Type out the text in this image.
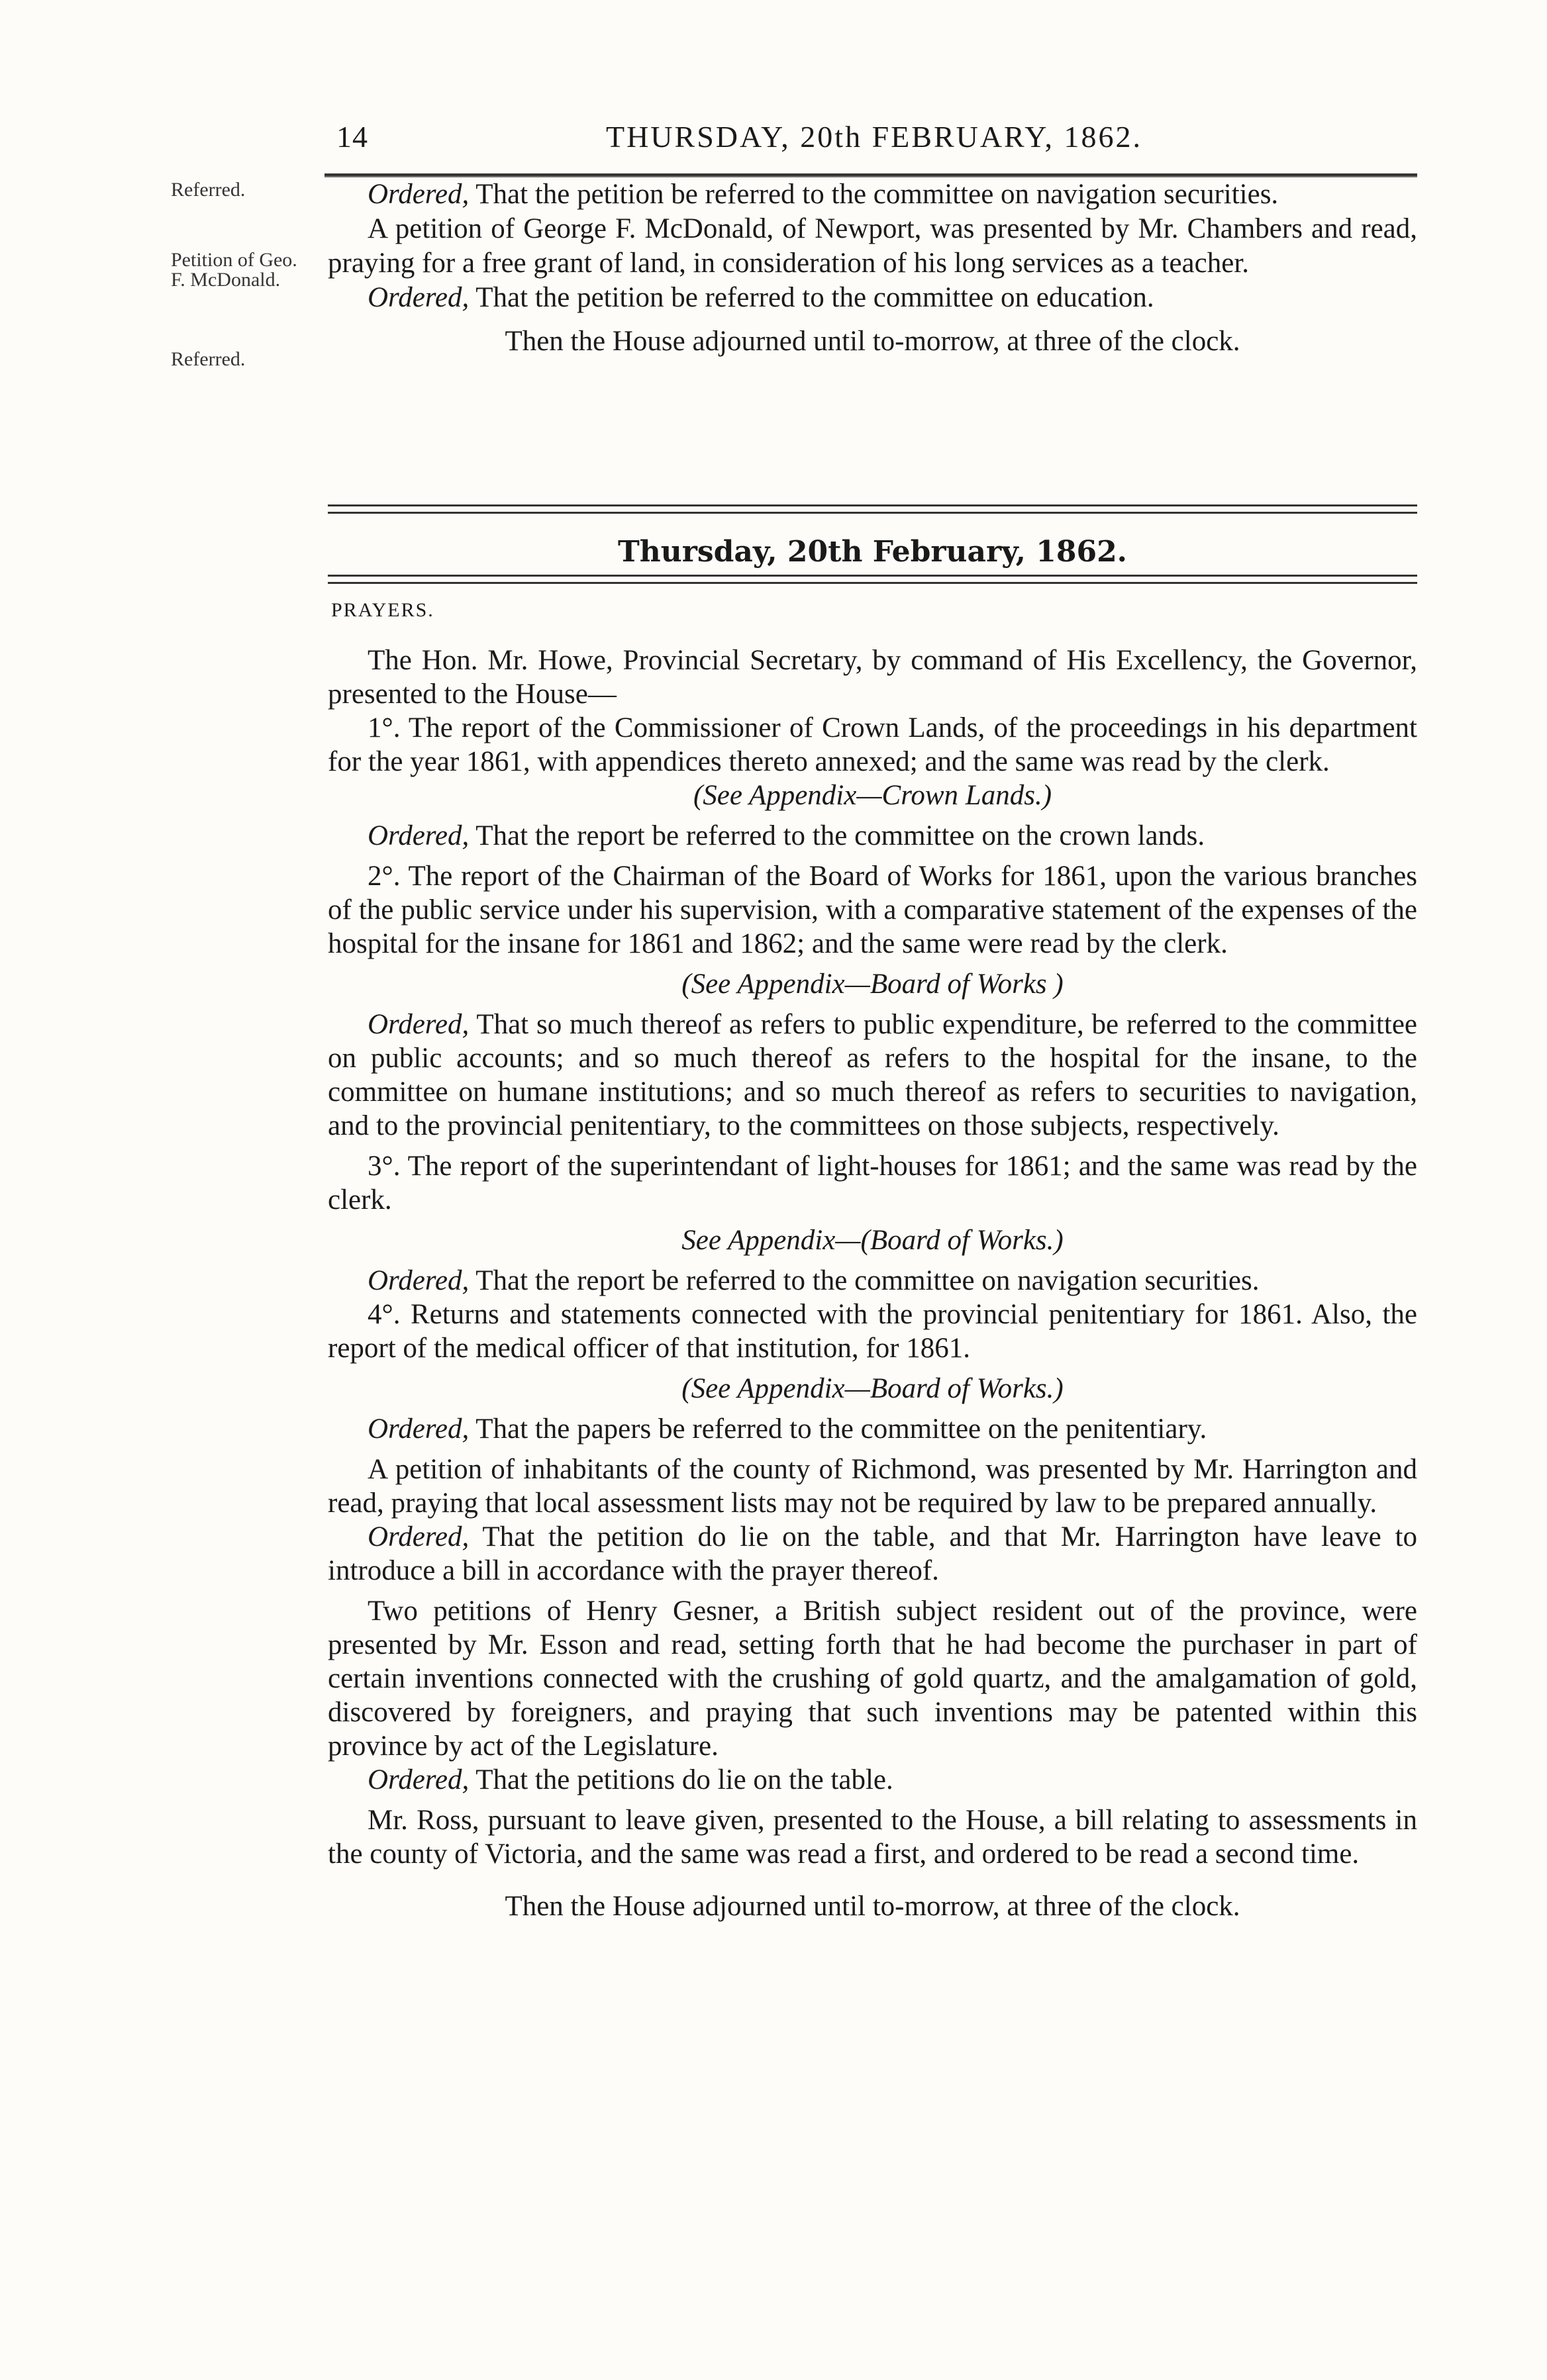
14	THURSDAY, 20th FEBRUARY, 1862.
Referred.
Petition of Geo. F. McDonald.
Referred.

Ordered, That the petition be referred to the committee on navigation securities.

A petition of George F. McDonald, of Newport, was presented by Mr. Chambers and read, praying for a free grant of land, in consideration of his long services as a teacher.

Ordered, That the petition be referred to the committee on education.

Then the House adjourned until to-morrow, at three of the clock.

Thursday, 20th February, 1862.
PRAYERS.

The Hon. Mr. Howe, Provincial Secretary, by command of His Excellency, the Governor, presented to the House—

1°. The report of the Commissioner of Crown Lands, of the proceedings in his department for the year 1861, with appendices thereto annexed; and the same was read by the clerk.

(See Appendix—Crown Lands.)

Ordered, That the report be referred to the committee on the crown lands.

2°. The report of the Chairman of the Board of Works for 1861, upon the various branches of the public service under his supervision, with a comparative statement of the expenses of the hospital for the insane for 1861 and 1862; and the same were read by the clerk.

(See Appendix—Board of Works )

Ordered, That so much thereof as refers to public expenditure, be referred to the committee on public accounts; and so much thereof as refers to the hospital for the insane, to the committee on humane institutions; and so much thereof as refers to securities to navigation, and to the provincial penitentiary, to the committees on those subjects, respectively.

3°. The report of the superintendant of light-houses for 1861; and the same was read by the clerk.

See Appendix—(Board of Works.)

Ordered, That the report be referred to the committee on navigation securities.

4°. Returns and statements connected with the provincial penitentiary for 1861. Also, the report of the medical officer of that institution, for 1861.

(See Appendix—Board of Works.)

Ordered, That the papers be referred to the committee on the penitentiary.

A petition of inhabitants of the county of Richmond, was presented by Mr. Harrington and read, praying that local assessment lists may not be required by law to be prepared annually.

Ordered, That the petition do lie on the table, and that Mr. Harrington have leave to introduce a bill in accordance with the prayer thereof.

Two petitions of Henry Gesner, a British subject resident out of the province, were presented by Mr. Esson and read, setting forth that he had become the purchaser in part of certain inventions connected with the crushing of gold quartz, and the amalgamation of gold, discovered by foreigners, and praying that such inventions may be patented within this province by act of the Legislature.

Ordered, That the petitions do lie on the table.

Mr. Ross, pursuant to leave given, presented to the House, a bill relating to assessments in the county of Victoria, and the same was read a first, and ordered to be read a second time.

Then the House adjourned until to-morrow, at three of the clock.
